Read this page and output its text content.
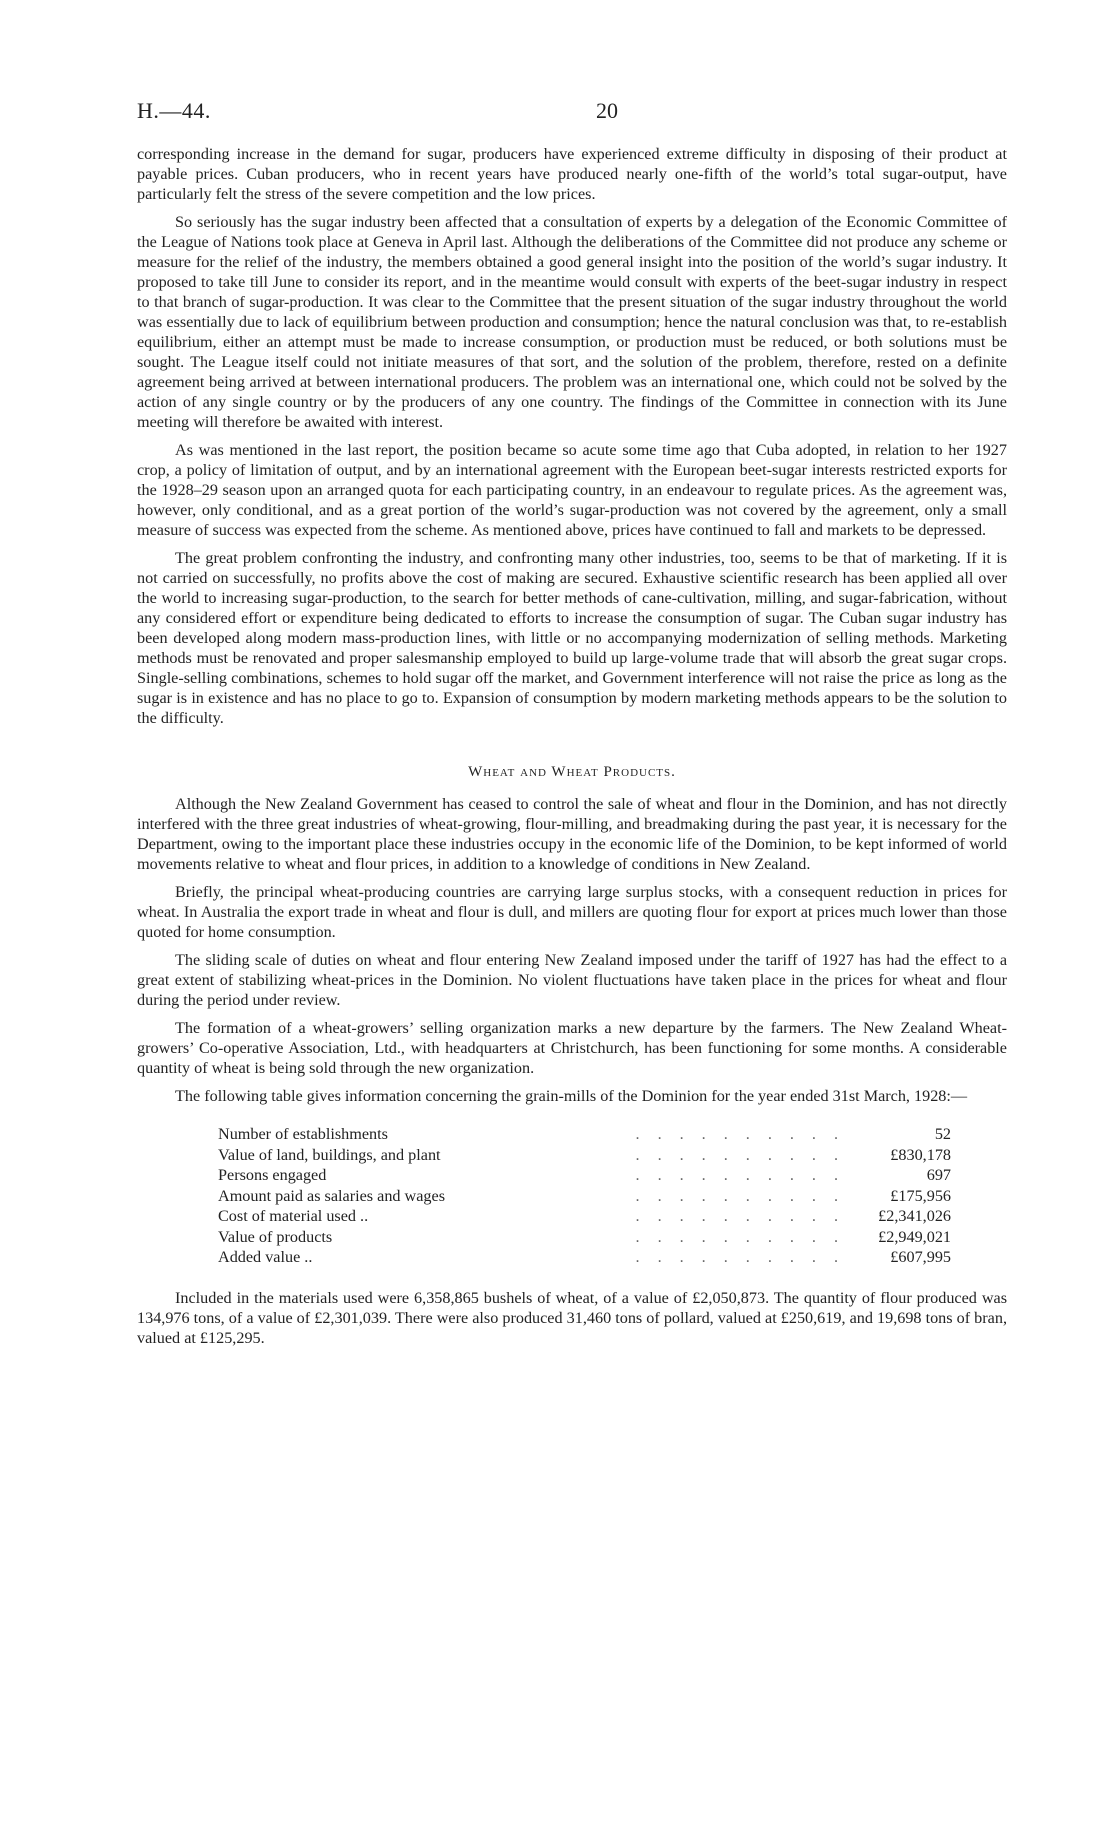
H.—44.	20

corresponding increase in the demand for sugar, producers have experienced extreme difficulty in disposing of their product at payable prices. Cuban producers, who in recent years have produced nearly one-fifth of the world’s total sugar-output, have particularly felt the stress of the severe competition and the low prices.

So seriously has the sugar industry been affected that a consultation of experts by a delegation of the Economic Committee of the League of Nations took place at Geneva in April last. Although the deliberations of the Committee did not produce any scheme or measure for the relief of the industry, the members obtained a good general insight into the position of the world’s sugar industry. It proposed to take till June to consider its report, and in the meantime would consult with experts of the beet-sugar industry in respect to that branch of sugar-production. It was clear to the Committee that the present situation of the sugar industry throughout the world was essentially due to lack of equilibrium between production and consumption; hence the natural conclusion was that, to re-establish equilibrium, either an attempt must be made to increase consumption, or production must be reduced, or both solutions must be sought. The League itself could not initiate measures of that sort, and the solution of the problem, therefore, rested on a definite agreement being arrived at between international producers. The problem was an international one, which could not be solved by the action of any single country or by the producers of any one country. The findings of the Committee in connection with its June meeting will therefore be awaited with interest.

As was mentioned in the last report, the position became so acute some time ago that Cuba adopted, in relation to her 1927 crop, a policy of limitation of output, and by an international agreement with the European beet-sugar interests restricted exports for the 1928–29 season upon an arranged quota for each participating country, in an endeavour to regulate prices. As the agreement was, however, only conditional, and as a great portion of the world’s sugar-production was not covered by the agreement, only a small measure of success was expected from the scheme. As mentioned above, prices have continued to fall and markets to be depressed.

The great problem confronting the industry, and confronting many other industries, too, seems to be that of marketing. If it is not carried on successfully, no profits above the cost of making are secured. Exhaustive scientific research has been applied all over the world to increasing sugar-production, to the search for better methods of cane-cultivation, milling, and sugar-fabrication, without any considered effort or expenditure being dedicated to efforts to increase the consumption of sugar. The Cuban sugar industry has been developed along modern mass-production lines, with little or no accompanying modernization of selling methods. Marketing methods must be renovated and proper salesmanship employed to build up large-volume trade that will absorb the great sugar crops. Single-selling combinations, schemes to hold sugar off the market, and Government interference will not raise the price as long as the sugar is in existence and has no place to go to. Expansion of consumption by modern marketing methods appears to be the solution to the difficulty.

Wheat and Wheat Products.

Although the New Zealand Government has ceased to control the sale of wheat and flour in the Dominion, and has not directly interfered with the three great industries of wheat-growing, flour-milling, and breadmaking during the past year, it is necessary for the Department, owing to the important place these industries occupy in the economic life of the Dominion, to be kept informed of world movements relative to wheat and flour prices, in addition to a knowledge of conditions in New Zealand.

Briefly, the principal wheat-producing countries are carrying large surplus stocks, with a consequent reduction in prices for wheat. In Australia the export trade in wheat and flour is dull, and millers are quoting flour for export at prices much lower than those quoted for home consumption.

The sliding scale of duties on wheat and flour entering New Zealand imposed under the tariff of 1927 has had the effect to a great extent of stabilizing wheat-prices in the Dominion. No violent fluctuations have taken place in the prices for wheat and flour during the period under review.

The formation of a wheat-growers’ selling organization marks a new departure by the farmers. The New Zealand Wheat-growers’ Co-operative Association, Ltd., with headquarters at Christchurch, has been functioning for some months. A considerable quantity of wheat is being sold through the new organization.

The following table gives information concerning the grain-mills of the Dominion for the year ended 31st March, 1928:—

..........
Number of establishments	52
..........
Value of land, buildings, and plant	£830,178
..........
Persons engaged	697
..........
Amount paid as salaries and wages	£175,956
..........
Cost of material used ..	£2,341,026
..........
Value of products	£2,949,021
..........
Added value ..	£607,995

Included in the materials used were 6,358,865 bushels of wheat, of a value of £2,050,873. The quantity of flour produced was 134,976 tons, of a value of £2,301,039. There were also produced 31,460 tons of pollard, valued at £250,619, and 19,698 tons of bran, valued at £125,295.
